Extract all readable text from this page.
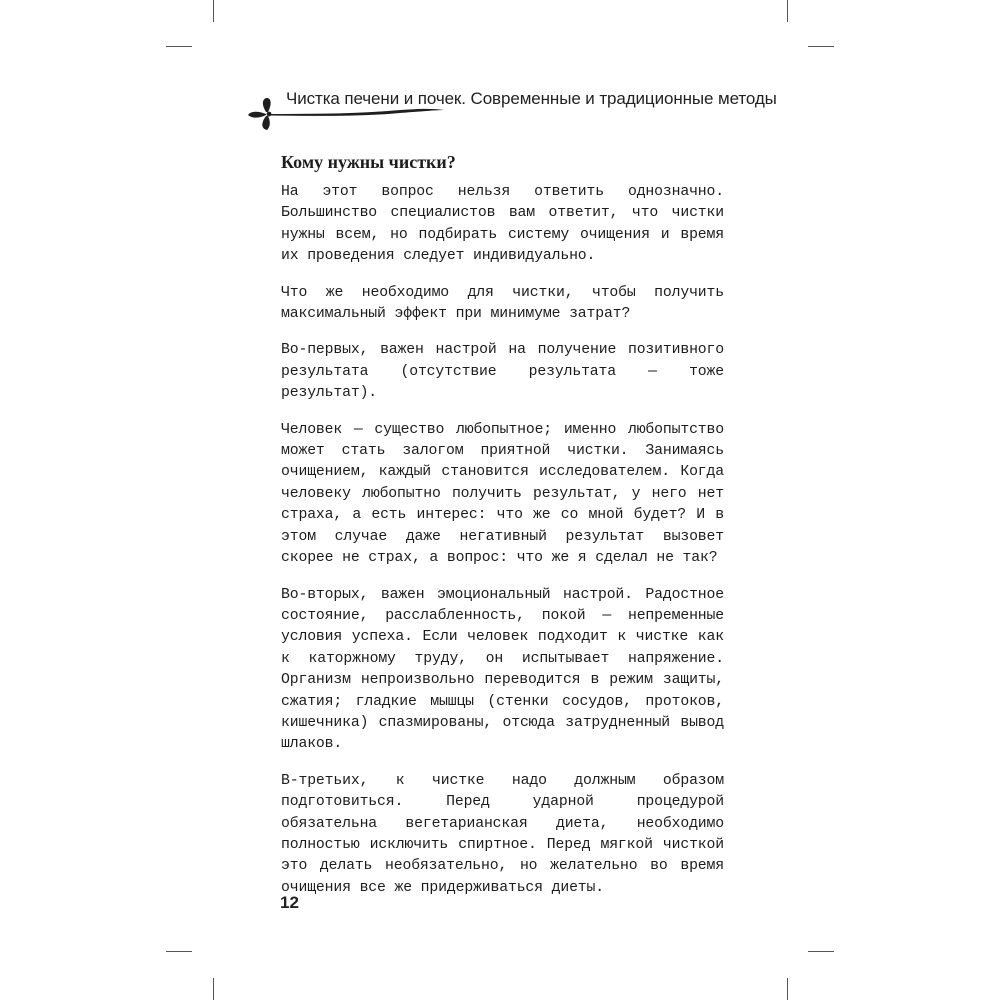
Чистка печени и почек. Современные и традиционные методы
Кому нужны чистки?

На этот вопрос нельзя ответить однозначно. Большинство специалистов вам ответит, что чистки нужны всем, но подбирать систему очищения и время их проведения следует индивидуально.

Что же необходимо для чистки, чтобы получить максимальный эффект при минимуме затрат?

Во-первых, важен настрой на получение позитивного результата (отсутствие результата — тоже результат).

Человек — существо любопытное; именно любопытство может стать залогом приятной чистки. Занимаясь очищением, каждый становится исследователем. Когда человеку любопытно получить результат, у него нет страха, а есть интерес: что же со мной будет? И в этом случае даже негативный результат вызовет скорее не страх, а вопрос: что же я сделал не так?

Во-вторых, важен эмоциональный настрой. Радостное состояние, расслабленность, покой — непременные условия успеха. Если человек подходит к чистке как к каторжному труду, он испытывает напряжение. Организм непроизвольно переводится в режим защиты, сжатия; гладкие мышцы (стенки сосудов, протоков, кишечника) спазмированы, отсюда затрудненный вывод шлаков.

В-третьих, к чистке надо должным образом подготовиться. Перед ударной процедурой обязательна вегетарианская диета, необходимо полностью исключить спиртное. Перед мягкой чисткой это делать необязательно, но желательно во время очищения все же придерживаться диеты.

12
